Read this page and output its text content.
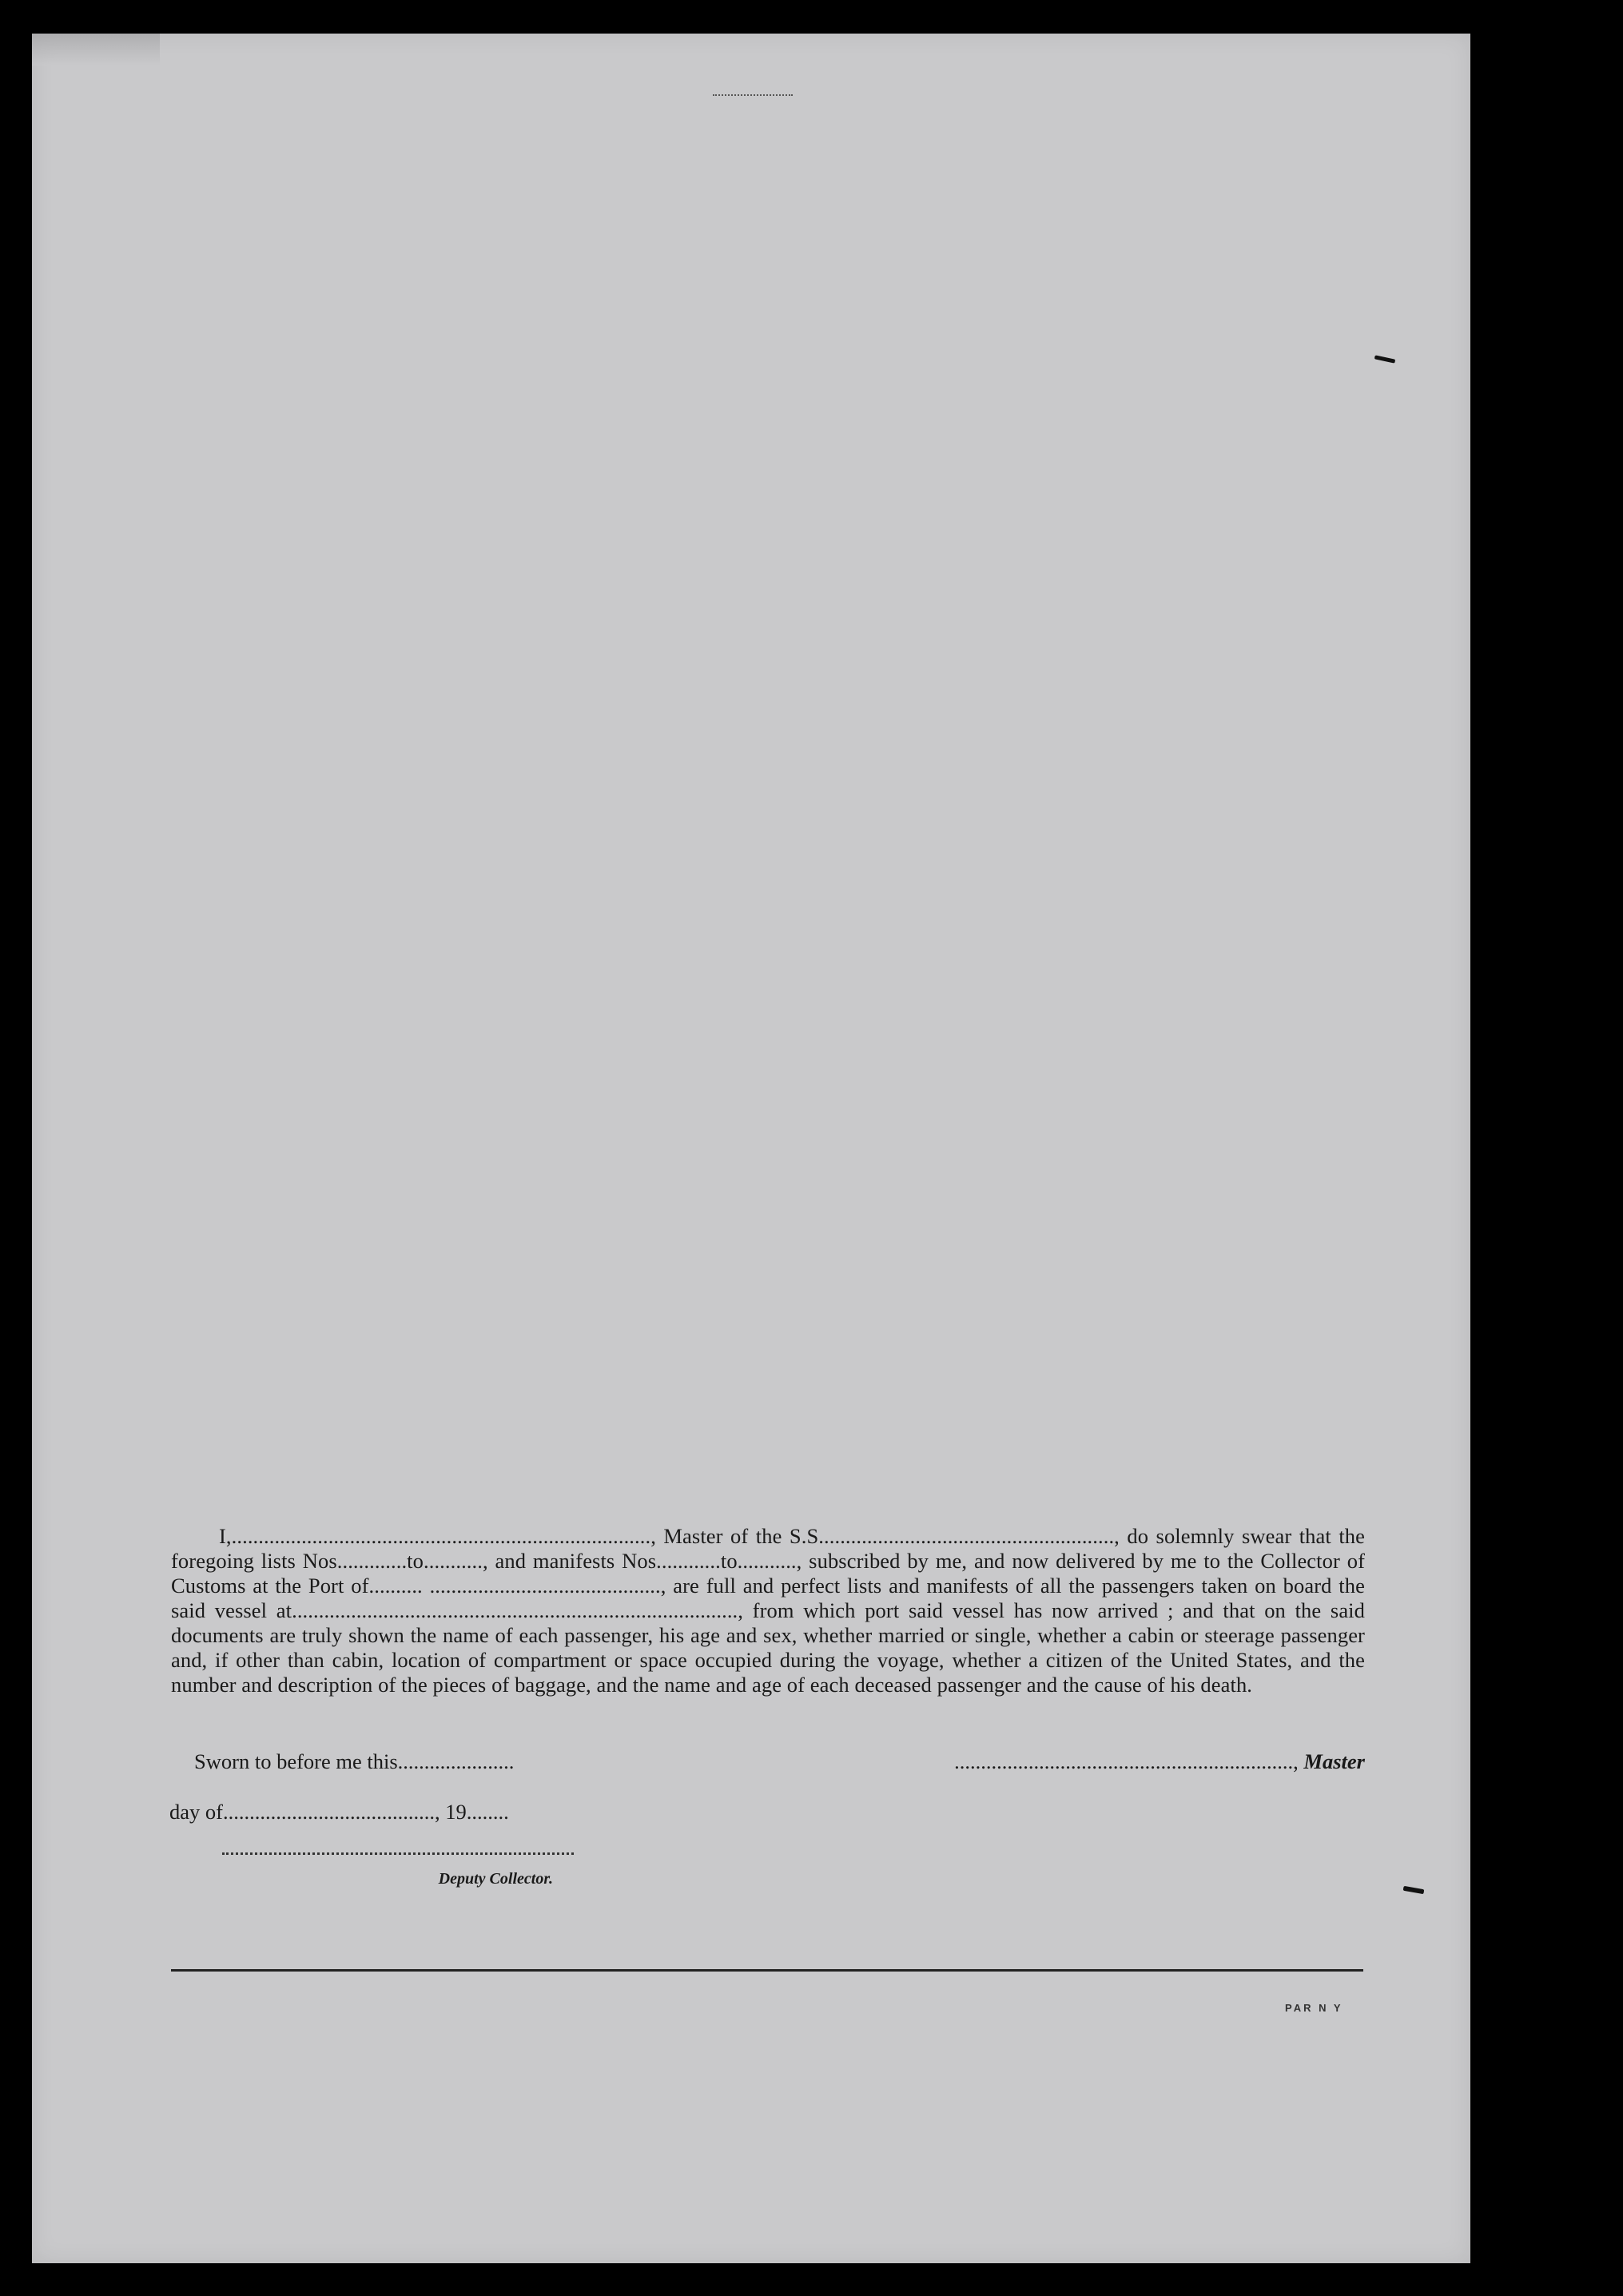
I,.............................................................................., Master of the S.S......................................................., do solemnly swear that the foregoing lists Nos.............to..........., and manifests Nos............to..........., subscribed by me, and now delivered by me to the Collector of Customs at the Port of.......... ..........................................., are full and perfect lists and manifests of all the passengers taken on board the said vessel at..................................................................................., from which port said vessel has now arrived ; and that on the said documents are truly shown the name of each passenger, his age and sex, whether married or single, whether a cabin or steerage passenger and, if other than cabin, location of compartment or space occupied during the voyage, whether a citizen of the United States, and the number and description of the pieces of baggage, and the name and age of each deceased passenger and the cause of his death.

Sworn to before me this......................	................................................................, Master
day of........................................, 19........
Deputy Collector.
PAR N Y
